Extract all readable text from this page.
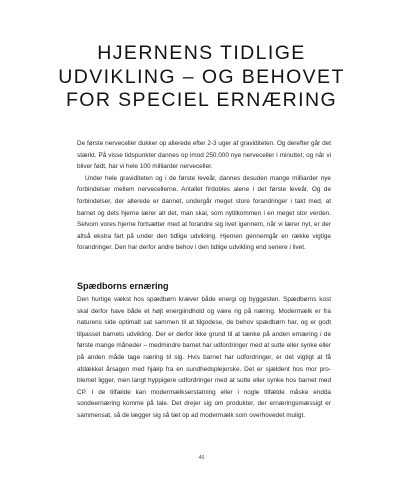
HJERNENS TIDLIGE
UDVIKLING – OG BEHOVET
FOR SPECIEL ERNÆRING

De første nerveceller dukker op allerede efter 2-3 uger af graviditeten. Og derefter går det stærkt. På visse tidspunkter dannes op imod 250.000 nye nerveceller i minuttet; og når vi bliver født, har vi hele 100 milliarder nerveceller.

Under hele graviditeten og i de første leveår, dannes desuden mange milliarder nye forbindelser mellem nervecellerne. Antallet firdobles alene i det første leveår. Og de forbindelser, der allerede er dannet, undergår meget store forandringer i takt med, at barnet og dets hjerne lærer alt det, man skal, som nytilkommen i en meget stor verden. Selvom vores hjerne fortsætter med at forandre sig livet igennem, når vi lærer nyt, er der altså ekstra fart på under den tidlige udvikling. Hjernen gennemgår en række vigtige forandringer. Den har derfor andre behov i den tidlige udvikling end senere i livet.

Spædborns ernæring

Den hurtige vækst hos spædbørn kræver både energi og byggesten. Spædbørns kost skal derfor have både et højt energiindhold og være rig på næring. Modermælk er fra naturens side optimalt sat sammen til at tilgodese, de behov spædbørn har, og er godt tilpasset barnets udvikling. Der er derfor ikke grund til at tænke på anden ernæring i de første mange måneder – medmindre barnet har udfordringer med at sutte eller synke eller på anden måde tage næring til sig. Hvis barnet har udfordringer, er det vigtigt at få afdækket årsagen med hjælp fra en sundhedsplejerske. Det er sjældent hos mor problemet ligger, men langt hyppigere udfordringer med at sutte eller synke hos barnet med CP. I de tilfælde kan modermælkserstatning eller i nogle tilfælde måske endda sondeernæring komme på tale. Det drejer sig om produkter, der ernæringsmæssigt er sammensat, så de lægger sig så tæt op ad modermælk som overhovedet muligt.

46
